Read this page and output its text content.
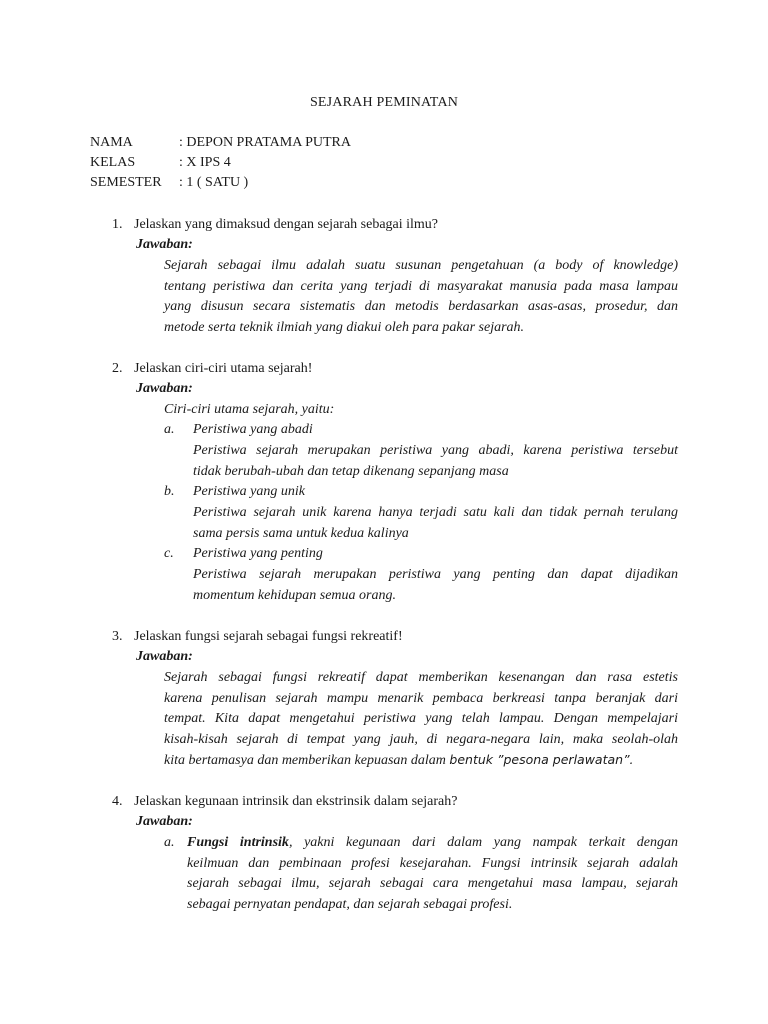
SEJARAH PEMINATAN
NAMA	: DEPON PRATAMA PUTRA
KELAS	: X IPS 4
SEMESTER : 1 ( SATU )
1. Jelaskan yang dimaksud dengan sejarah sebagai ilmu?
Jawaban:

Sejarah sebagai ilmu adalah suatu susunan pengetahuan (a body of knowledge)

tentang peristiwa dan cerita yang terjadi di masyarakat manusia pada masa lampau

yang disusun secara sistematis dan metodis berdasarkan asas-asas, prosedur, dan

metode serta teknik ilmiah yang diakui oleh para pakar sejarah.

2. Jelaskan ciri-ciri utama sejarah!
Jawaban:
Ciri-ciri utama sejarah, yaitu:
a. Peristiwa yang abadi

Peristiwa sejarah merupakan peristiwa yang abadi, karena peristiwa tersebut

tidak berubah-ubah dan tetap dikenang sepanjang masa

b. Peristiwa yang unik

Peristiwa sejarah unik karena hanya terjadi satu kali dan tidak pernah terulang

sama persis sama untuk kedua kalinya

c. Peristiwa yang penting

Peristiwa sejarah merupakan peristiwa yang penting dan dapat dijadikan

momentum kehidupan semua orang.

3. Jelaskan fungsi sejarah sebagai fungsi rekreatif!
Jawaban:

Sejarah sebagai fungsi rekreatif dapat memberikan kesenangan dan rasa estetis

karena penulisan sejarah mampu menarik pembaca berkreasi tanpa beranjak dari

tempat. Kita dapat mengetahui peristiwa yang telah lampau. Dengan mempelajari

kisah-kisah sejarah di tempat yang jauh, di negara-negara lain, maka seolah-olah

kita bertamasya dan memberikan kepuasan dalam bentuk ”pesona perlawatan”.

4. Jelaskan kegunaan intrinsik dan ekstrinsik dalam sejarah?
Jawaban:
a. Fungsi intrinsik, yakni kegunaan dari dalam yang nampak terkait dengan

keilmuan dan pembinaan profesi kesejarahan. Fungsi intrinsik sejarah adalah

sejarah sebagai ilmu, sejarah sebagai cara mengetahui masa lampau, sejarah

sebagai pernyatan pendapat, dan sejarah sebagai profesi.
